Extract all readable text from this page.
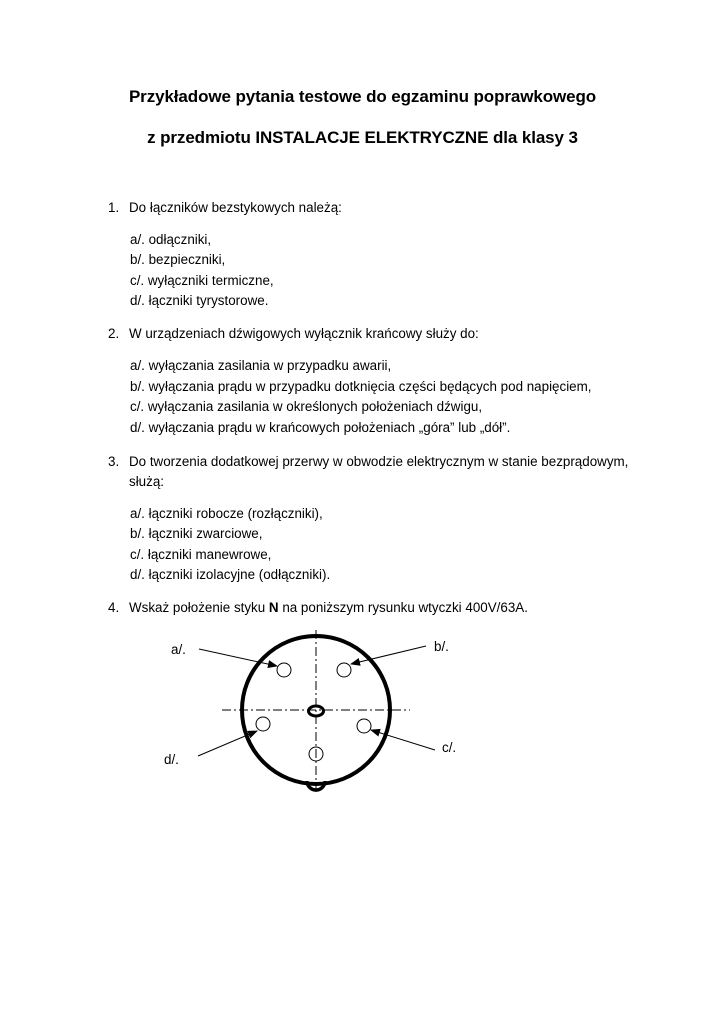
Przykładowe pytania testowe do egzaminu poprawkowego
z przedmiotu INSTALACJE ELEKTRYCZNE dla klasy 3
1. Do łączników bezstykowych należą:
a/. odłączniki,
b/. bezpieczniki,
c/. wyłączniki termiczne,
d/. łączniki tyrystorowe.
2. W urządzeniach dźwigowych wyłącznik krańcowy służy do:
a/. wyłączania zasilania w przypadku awarii,
b/. wyłączania prądu w przypadku dotknięcia części będących pod napięciem,
c/. wyłączania zasilania w określonych położeniach dźwigu,
d/. wyłączania prądu w krańcowych położeniach „góra” lub „dół”.
3. Do tworzenia dodatkowej przerwy w obwodzie elektrycznym w stanie bezprądowym,
służą:
a/. łączniki robocze (rozłączniki),
b/. łączniki zwarciowe,
c/. łączniki manewrowe,
d/. łączniki izolacyjne (odłączniki).
4. Wskaż położenie styku N na poniższym rysunku wtyczki 400V/63A.
a/.	b/.
c/.
d/.
